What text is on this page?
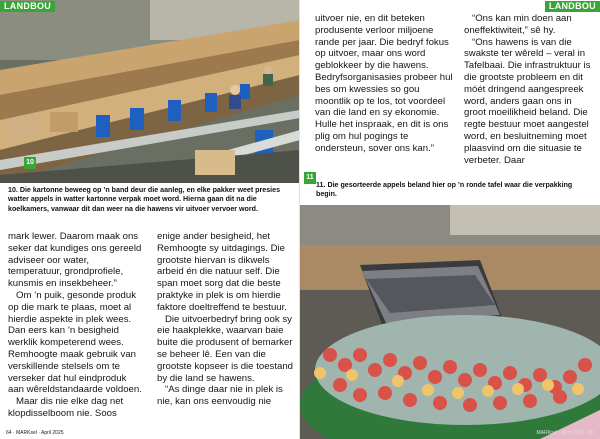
LANDBOU
10
10. Die kartonne beweeg op ’n band deur die aanleg, en elke pakker weet presies watter appels in watter kartonne verpak moet word. Hierna gaan dit na die koelkamers, vanwaar dit dan weer na die hawens vir uitvoer vervoer word.

mark lewer. Daarom maak ons seker dat kundiges ons gereeld adviseer oor water, temperatuur, grondprofiele, kunsmis en insekbeheer.”

Om ’n puik, gesonde produk op die mark te plaas, moet al hierdie aspekte in plek wees. Dan eers kan ’n besigheid werklik kompeterend wees. Remhoogte maak gebruik van verskillende stelsels om te verseker dat hul eindproduk aan wêreldstandaarde voldoen.

Maar dis nie elke dag net klopdisselboom nie. Soos

enige ander besigheid, het Remhoogte sy uitdagings. Die grootste hiervan is dikwels arbeid én die natuur self. Die span moet sorg dat die beste praktyke in plek is om hierdie faktore doeltreffend te bestuur.

Die uitvoerbedryf bring ook sy eie haakplekke, waarvan baie buite die produsent of bemarker se beheer lê. Een van die grootste kopseer is die toestand by die land se hawens.

“As dinge daar nie in plek is nie, kan ons eenvoudig nie

64 · MARKsel · April 2025
LANDBOU

uitvoer nie, en dit beteken produsente verloor miljoene rande per jaar. Die bedryf fokus op uitvoer, maar ons word geblokkeer by die hawens. Bedryfsorganisasies probeer hul bes om kwessies so gou moontlik op te los, tot voordeel van die land en sy ekonomie. Hulle het inspraak, en dit is ons plig om hul pogings te ondersteun, sover ons kan.”

“Ons kan min doen aan oneffektiwiteit,” sê hy.

“Ons hawens is van die swakste ter wêreld – veral in Tafelbaai. Die infrastruktuur is die grootste probleem en dit móét dringend aangespreek word, anders gaan ons in groot moeilikheid beland. Die regte bestuur moet aangestel word, en besluitneming moet plaasvind om die situasie te verbeter. Daar

11
11. Die gesorteerde appels beland hier op ’n ronde tafel waar die verpakking begin.
MARKsel · April 2025 · 65
